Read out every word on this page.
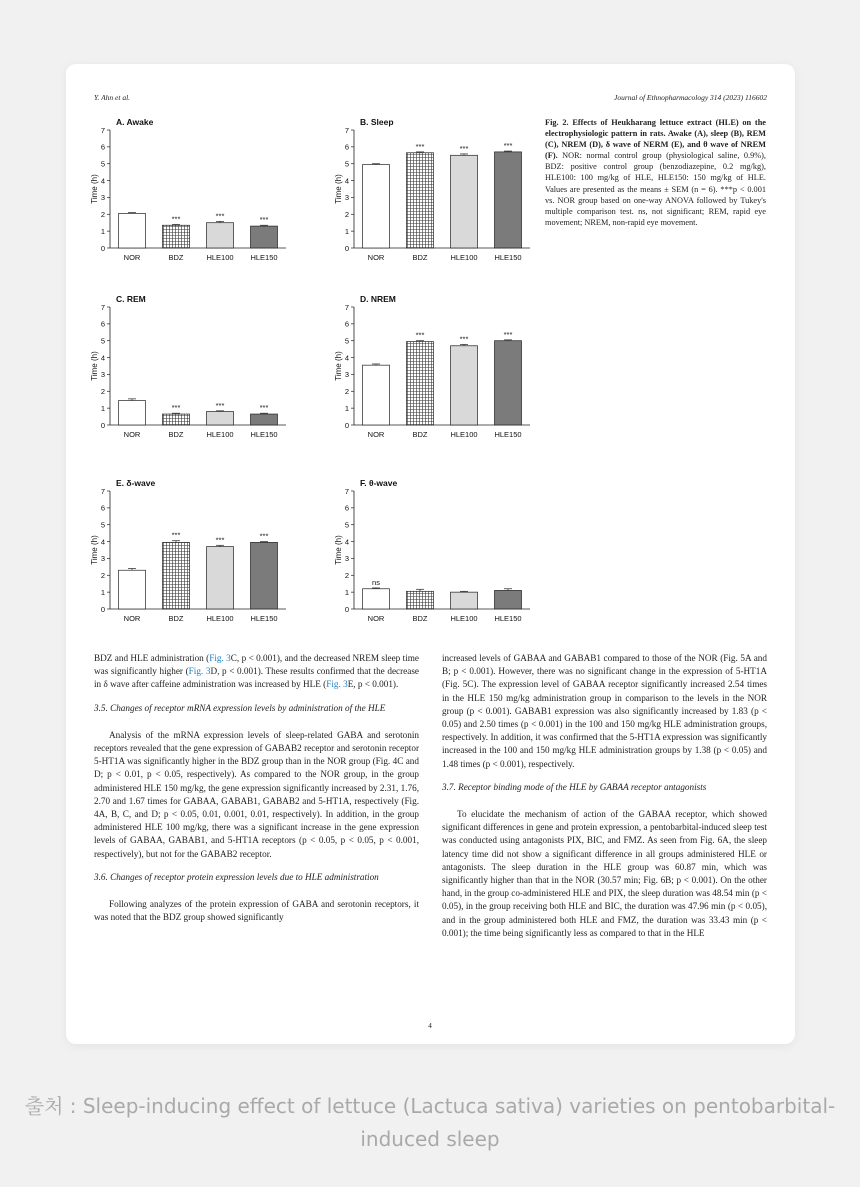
Y. Ahn et al.	Journal of Ethnopharmacology 314 (2023) 116602
A. Awake
0
1
2
3
4
5
6
7
Time (h)
NOR	BDZ
***
HLE100
***
HLE150
***
B. Sleep
0
1
2
3
4
5
6
7
Time (h)
NOR	BDZ
***
HLE100
***
HLE150
***
C. REM
0
1
2
3
4
5
6
7
Time (h)
NOR	BDZ
***
HLE100
***
HLE150
***
D. NREM
0
1
2
3
4
5
6
7
Time (h)
NOR	BDZ
***
HLE100
***
HLE150
***
E. δ-wave
0
1
2
3
4
5
6
7
Time (h)
NOR	BDZ
***
HLE100
***
HLE150
***
F. θ-wave
0
1
2
3
4
5
6
7
Time (h)
NOR
ns
BDZ	HLE100 HLE150
Fig. 2. Effects of Heukharang lettuce extract (HLE) on the electrophysiologic pattern in rats. Awake (A), sleep (B), REM (C), NREM (D), δ wave of NERM (E), and θ wave of NREM (F). NOR: normal control group (physiological saline, 0.9%), BDZ: positive control group (benzodiazepine, 0.2 mg/kg), HLE100: 100 mg/kg of HLE, HLE150: 150 mg/kg of HLE. Values are presented as the means ± SEM (n = 6). ***p < 0.001 vs. NOR group based on one-way ANOVA followed by Tukey's multiple comparison test. ns, not significant; REM, rapid eye movement; NREM, non-rapid eye movement.

BDZ and HLE administration (Fig. 3C, p < 0.001), and the decreased NREM sleep time was significantly higher (Fig. 3D, p < 0.001). These results confirmed that the decrease in δ wave after caffeine administration was increased by HLE (Fig. 3E, p < 0.001).

3.5. Changes of receptor mRNA expression levels by administration of the HLE

Analysis of the mRNA expression levels of sleep-related GABA and serotonin receptors revealed that the gene expression of GABAB2 receptor and serotonin receptor 5-HT1A was significantly higher in the BDZ group than in the NOR group (Fig. 4C and D; p < 0.01, p < 0.05, respectively). As compared to the NOR group, in the group administered HLE 150 mg/kg, the gene expression significantly increased by 2.31, 1.76, 2.70 and 1.67 times for GABAA, GABAB1, GABAB2 and 5-HT1A, respectively (Fig. 4A, B, C, and D; p < 0.05, 0.01, 0.001, 0.01, respectively). In addition, in the group administered HLE 100 mg/kg, there was a significant increase in the gene expression levels of GABAA, GABAB1, and 5-HT1A receptors (p < 0.05, p < 0.05, p < 0.001, respectively), but not for the GABAB2 receptor.

3.6. Changes of receptor protein expression levels due to HLE administration

Following analyzes of the protein expression of GABA and serotonin receptors, it was noted that the BDZ group showed significantly

increased levels of GABAA and GABAB1 compared to those of the NOR (Fig. 5A and B; p < 0.001). However, there was no significant change in the expression of 5-HT1A (Fig. 5C). The expression level of GABAA receptor significantly increased 2.54 times in the HLE 150 mg/kg administration group in comparison to the levels in the NOR group (p < 0.001). GABAB1 expression was also significantly increased by 1.83 (p < 0.05) and 2.50 times (p < 0.001) in the 100 and 150 mg/kg HLE administration groups, respectively. In addition, it was confirmed that the 5-HT1A expression was significantly increased in the 100 and 150 mg/kg HLE administration groups by 1.38 (p < 0.05) and 1.48 times (p < 0.001), respectively.

3.7. Receptor binding mode of the HLE by GABAA receptor antagonists

To elucidate the mechanism of action of the GABAA receptor, which showed significant differences in gene and protein expression, a pentobarbital-induced sleep test was conducted using antagonists PIX, BIC, and FMZ. As seen from Fig. 6A, the sleep latency time did not show a significant difference in all groups administered HLE or antagonists. The sleep duration in the HLE group was 60.87 min, which was significantly higher than that in the NOR (30.57 min; Fig. 6B; p < 0.001). On the other hand, in the group co-administered HLE and PIX, the sleep duration was 48.54 min (p < 0.05), in the group receiving both HLE and BIC, the duration was 47.96 min (p < 0.05), and in the group administered both HLE and FMZ, the duration was 33.43 min (p < 0.001); the time being significantly less as compared to that in the HLE

4
출처 : Sleep-inducing effect of lettuce (Lactuca sativa) varieties on pentobarbital-induced sleep
